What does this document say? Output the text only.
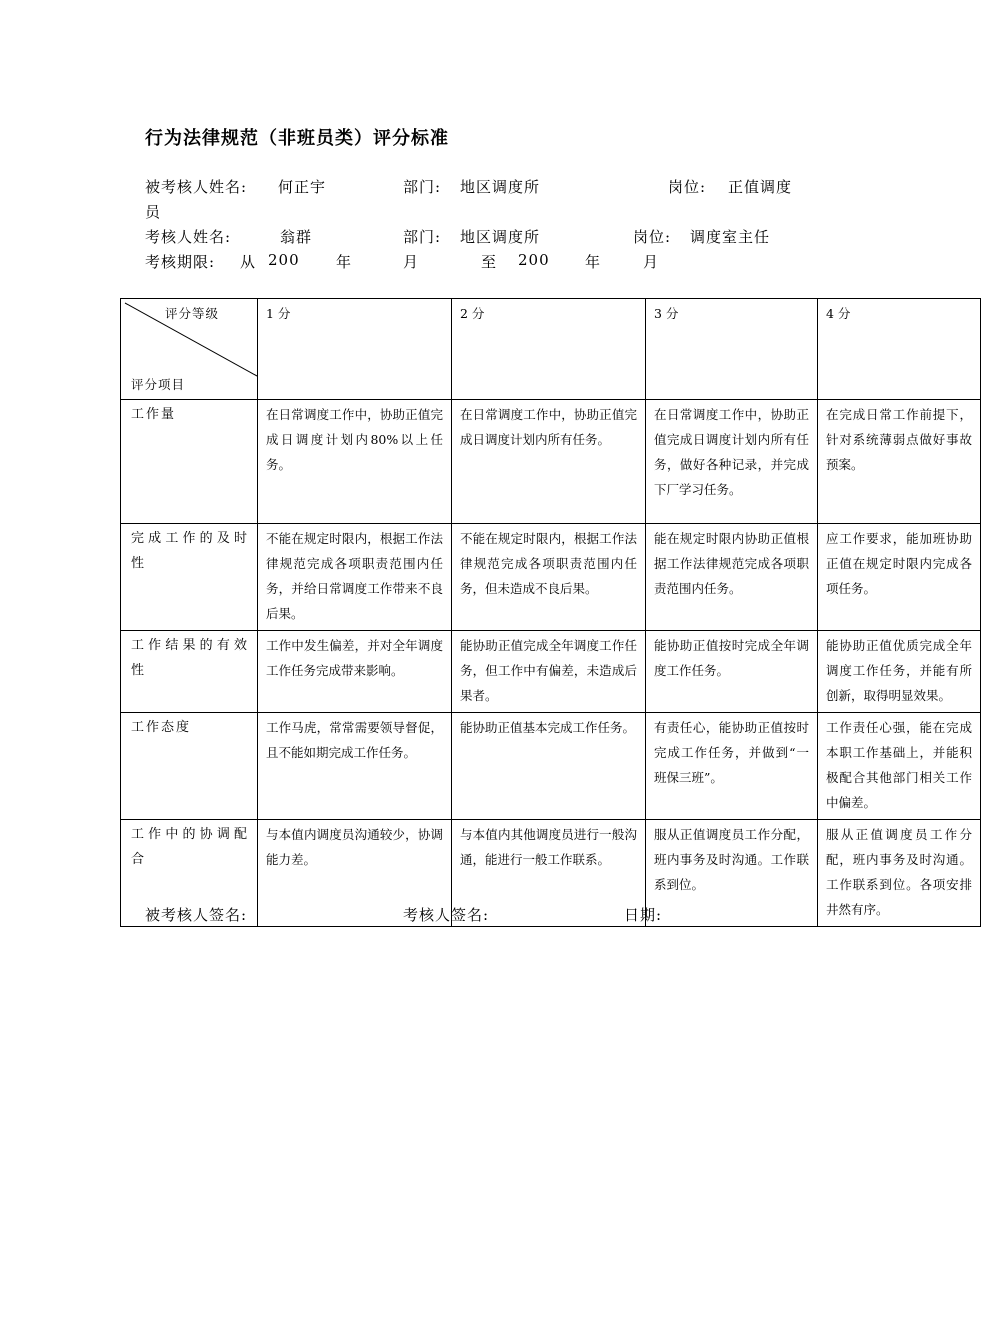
行为法律规范（非班员类）评分标准
被考核人姓名: 何正宇	部门: 地区调度所	岗位: 正值调度
员
考核人姓名:	翁群	部门: 地区调度所	岗位: 调度室主任
考核期限: 从 200 年	月	至 200 年	月
评分等级
评分项目	1 分	2 分	3 分	4 分
工作量	在日常调度工作中，协助正值完成日调度计划内80%以上任务。	在日常调度工作中，协助正值完成日调度计划内所有任务。	在日常调度工作中，协助正值完成日调度计划内所有任务，做好各种记录，并完成下厂学习任务。	在完成日常工作前提下，针对系统薄弱点做好事故预案。
完成工作的及时性	不能在规定时限内，根据工作法律规范完成各项职责范围内任务，并给日常调度工作带来不良后果。	不能在规定时限内，根据工作法律规范完成各项职责范围内任务，但未造成不良后果。	能在规定时限内协助正值根据工作法律规范完成各项职责范围内任务。	应工作要求，能加班协助正值在规定时限内完成各项任务。
工作结果的有效性	工作中发生偏差，并对全年调度工作任务完成带来影响。	能协助正值完成全年调度工作任务，但工作中有偏差，未造成后果者。	能协助正值按时完成全年调度工作任务。	能协助正值优质完成全年调度工作任务，并能有所创新，取得明显效果。
工作态度	工作马虎，常常需要领导督促，且不能如期完成工作任务。	能协助正值基本完成工作任务。	有责任心，能协助正值按时完成工作任务，并做到“一班保三班”。	工作责任心强，能在完成本职工作基础上，并能积极配合其他部门相关工作中偏差。
工作中的协调配合	与本值内调度员沟通较少，协调能力差。	与本值内其他调度员进行一般沟通，能进行一般工作联系。	服从正值调度员工作分配，班内事务及时沟通。工作联系到位。	服从正值调度员工作分配，班内事务及时沟通。工作联系到位。各项安排井然有序。
被考核人签名:	考核人签名:	日期:
